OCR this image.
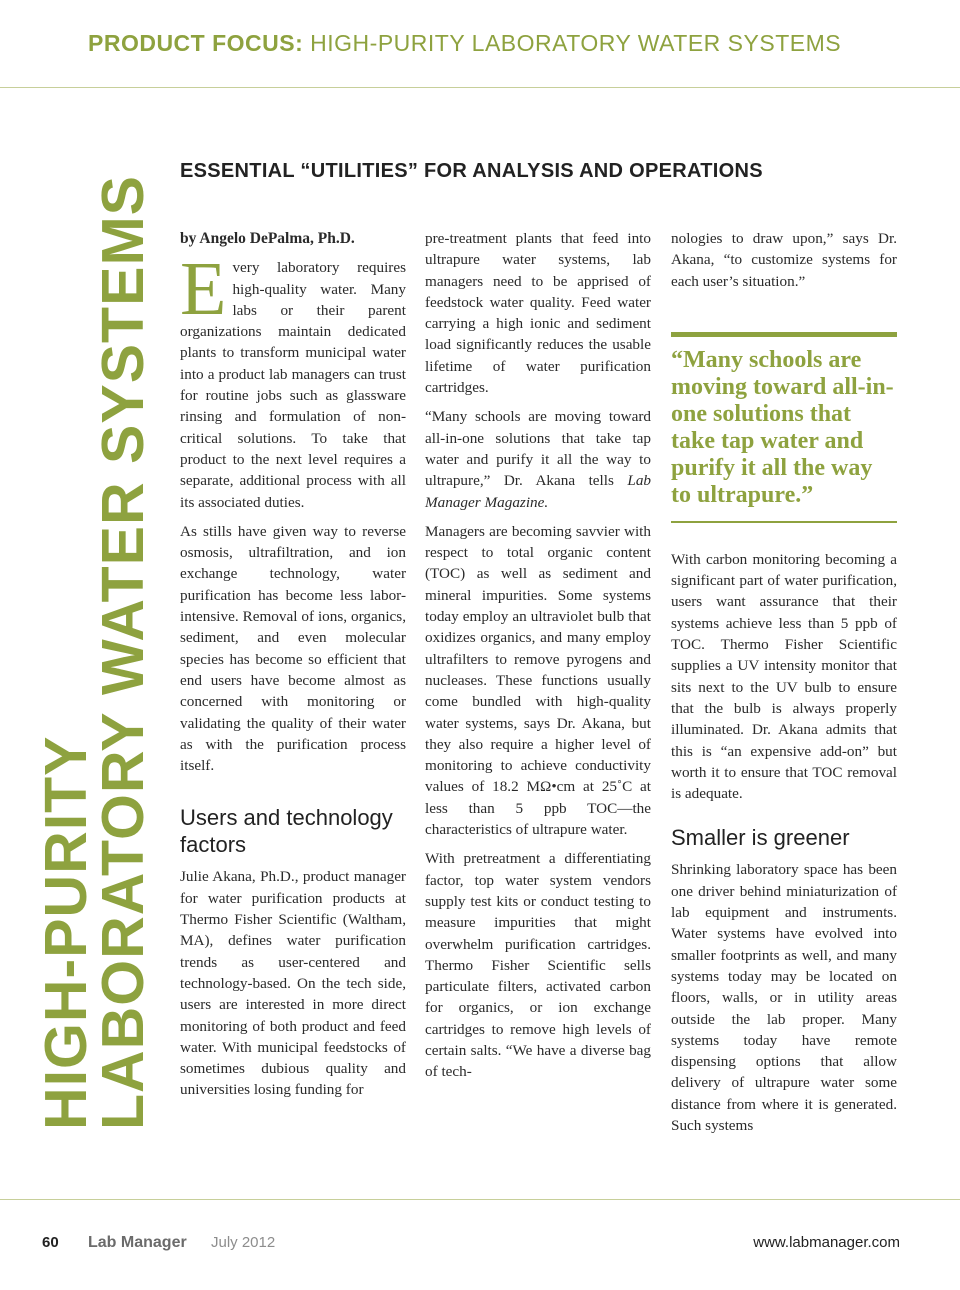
PRODUCT FOCUS: HIGH-PURITY LABORATORY WATER SYSTEMS
HIGH-PURITY
LABORATORY WATER SYSTEMS
ESSENTIAL “UTILITIES” FOR ANALYSIS AND OPERATIONS

by Angelo DePalma, Ph.D.

Every laboratory requires high-quality water. Many labs or their parent organizations maintain dedicated plants to transform municipal water into a product lab managers can trust for routine jobs such as glassware rinsing and formulation of non-critical solutions. To take that product to the next level requires a separate, additional process with all its associated duties.

As stills have given way to reverse osmosis, ultrafiltration, and ion exchange technology, water purification has become less labor-intensive. Removal of ions, organics, sediment, and even molecular species has become so efficient that end users have become almost as concerned with monitoring or validating the quality of their water as with the purification process itself.

Users and technology factors

Julie Akana, Ph.D., product manager for water purification products at Thermo Fisher Scientific (Waltham, MA), defines water purification trends as user-centered and technology-based. On the tech side, users are interested in more direct monitoring of both product and feed water. With municipal feedstocks of sometimes dubious quality and universities losing funding for

pre-treatment plants that feed into ultrapure water systems, lab managers need to be apprised of feedstock water quality. Feed water carrying a high ionic and sediment load significantly reduces the usable lifetime of water purification cartridges.

“Many schools are moving toward all-in-one solutions that take tap water and purify it all the way to ultrapure,” Dr. Akana tells Lab Manager Magazine.

Managers are becoming savvier with respect to total organic content (TOC) as well as sediment and mineral impurities. Some systems today employ an ultraviolet bulb that oxidizes organics, and many employ ultrafilters to remove pyrogens and nucleases. These functions usually come bundled with high-quality water systems, says Dr. Akana, but they also require a higher level of monitoring to achieve conductivity values of 18.2 MΩ•cm at 25˚C at less than 5 ppb TOC—the characteristics of ultrapure water.

With pretreatment a differentiating factor, top water system vendors supply test kits or conduct testing to measure impurities that might overwhelm purification cartridges. Thermo Fisher Scientific sells particulate filters, activated carbon for organics, or ion exchange cartridges to remove high levels of certain salts. “We have a diverse bag of tech-

nologies to draw upon,” says Dr. Akana, “to customize systems for each user’s situation.”

“Many schools are moving toward all-in-one solutions that take tap water and purify it all the way to ultrapure.”

With carbon monitoring becoming a significant part of water purification, users want assurance that their systems achieve less than 5 ppb of TOC. Thermo Fisher Scientific supplies a UV intensity monitor that sits next to the UV bulb to ensure that the bulb is always properly illuminated. Dr. Akana admits that this is “an expensive add-on” but worth it to ensure that TOC removal is adequate.

Smaller is greener

Shrinking laboratory space has been one driver behind miniaturization of lab equipment and instruments. Water systems have evolved into smaller footprints as well, and many systems today may be located on floors, walls, or in utility areas outside the lab proper. Many systems today have remote dispensing options that allow delivery of ultrapure water some distance from where it is generated. Such systems

60 Lab Manager July 2012	www.labmanager.com
